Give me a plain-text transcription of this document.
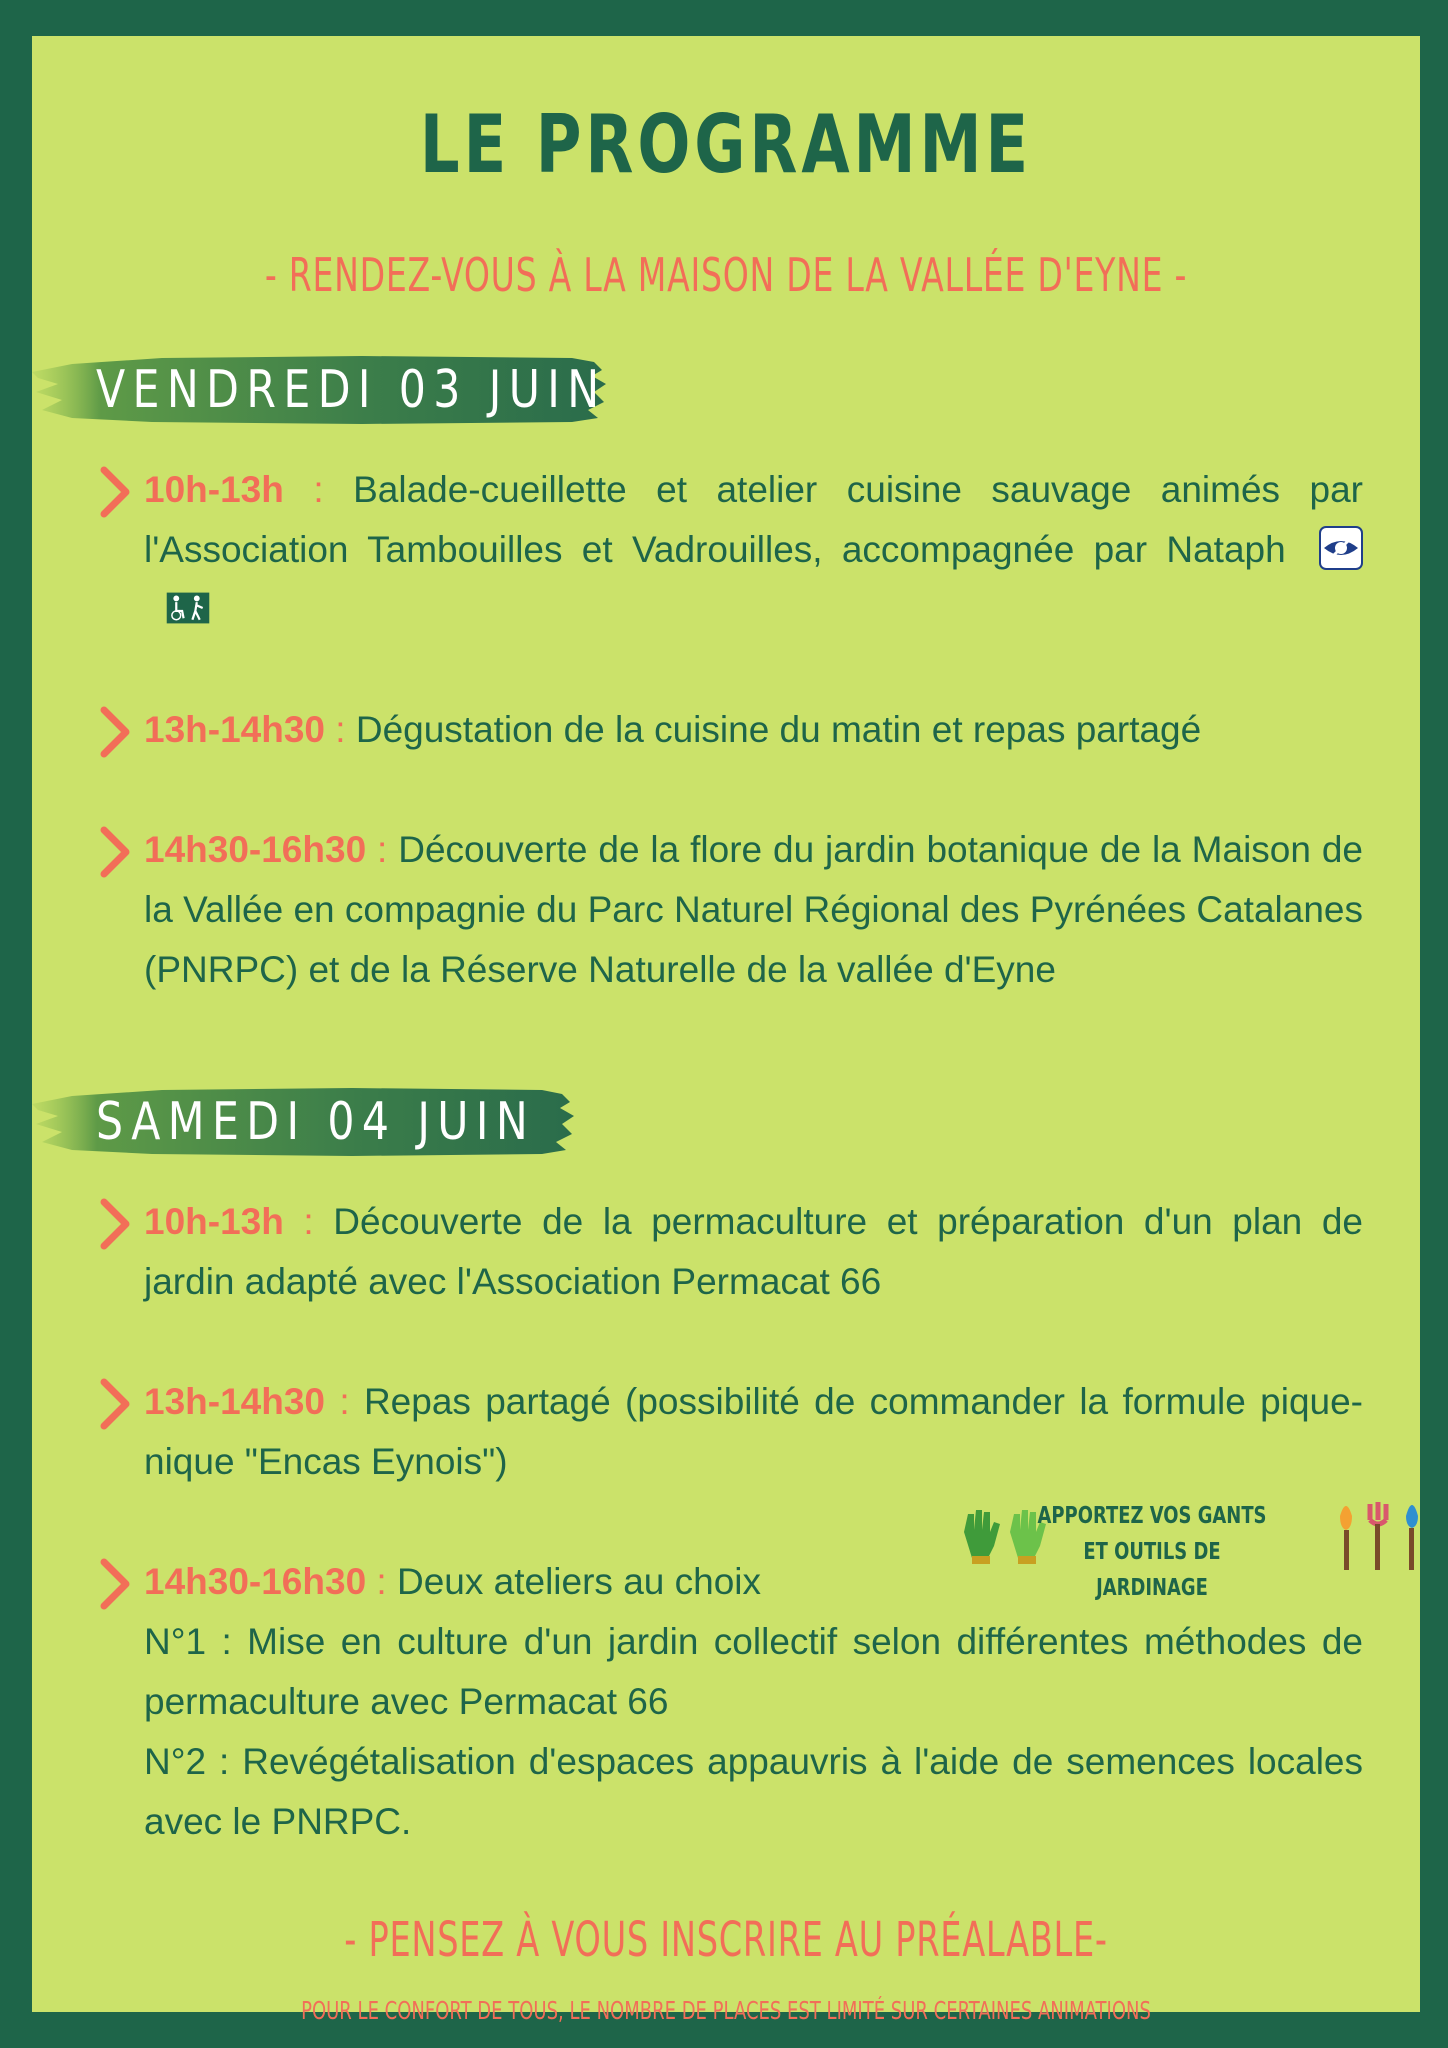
LE PROGRAMME
- RENDEZ-VOUS À LA MAISON DE LA VALLÉE D'EYNE -
VENDREDI 03 JUIN
10h-13h : Balade-cueillette et atelier cuisine sauvage animés par l'Association Tambouilles et Vadrouilles, accompagnée par Nataph
13h-14h30 : Dégustation de la cuisine du matin et repas partagé
14h30-16h30 : Découverte de la flore du jardin botanique de la Maison de la Vallée en compagnie du Parc Naturel Régional des Pyrénées Catalanes (PNRPC) et de la Réserve Naturelle de la vallée d'Eyne
SAMEDI 04 JUIN
10h-13h : Découverte de la permaculture et préparation d'un plan de jardin adapté avec l'Association Permacat 66
13h-14h30 : Repas partagé (possibilité de commander la formule pique-nique "Encas Eynois")
APPORTEZ VOS GANTS
ET OUTILS DE JARDINAGE
14h30-16h30 : Deux ateliers au choix
N°1 : Mise en culture d'un jardin collectif selon différentes méthodes de permaculture avec Permacat 66
N°2 : Revégétalisation d'espaces appauvris à l'aide de semences locales avec le PNRPC.
- PENSEZ À VOUS INSCRIRE AU PRÉALABLE-
POUR LE CONFORT DE TOUS, LE NOMBRE DE PLACES EST LIMITÉ SUR CERTAINES ANIMATIONS
